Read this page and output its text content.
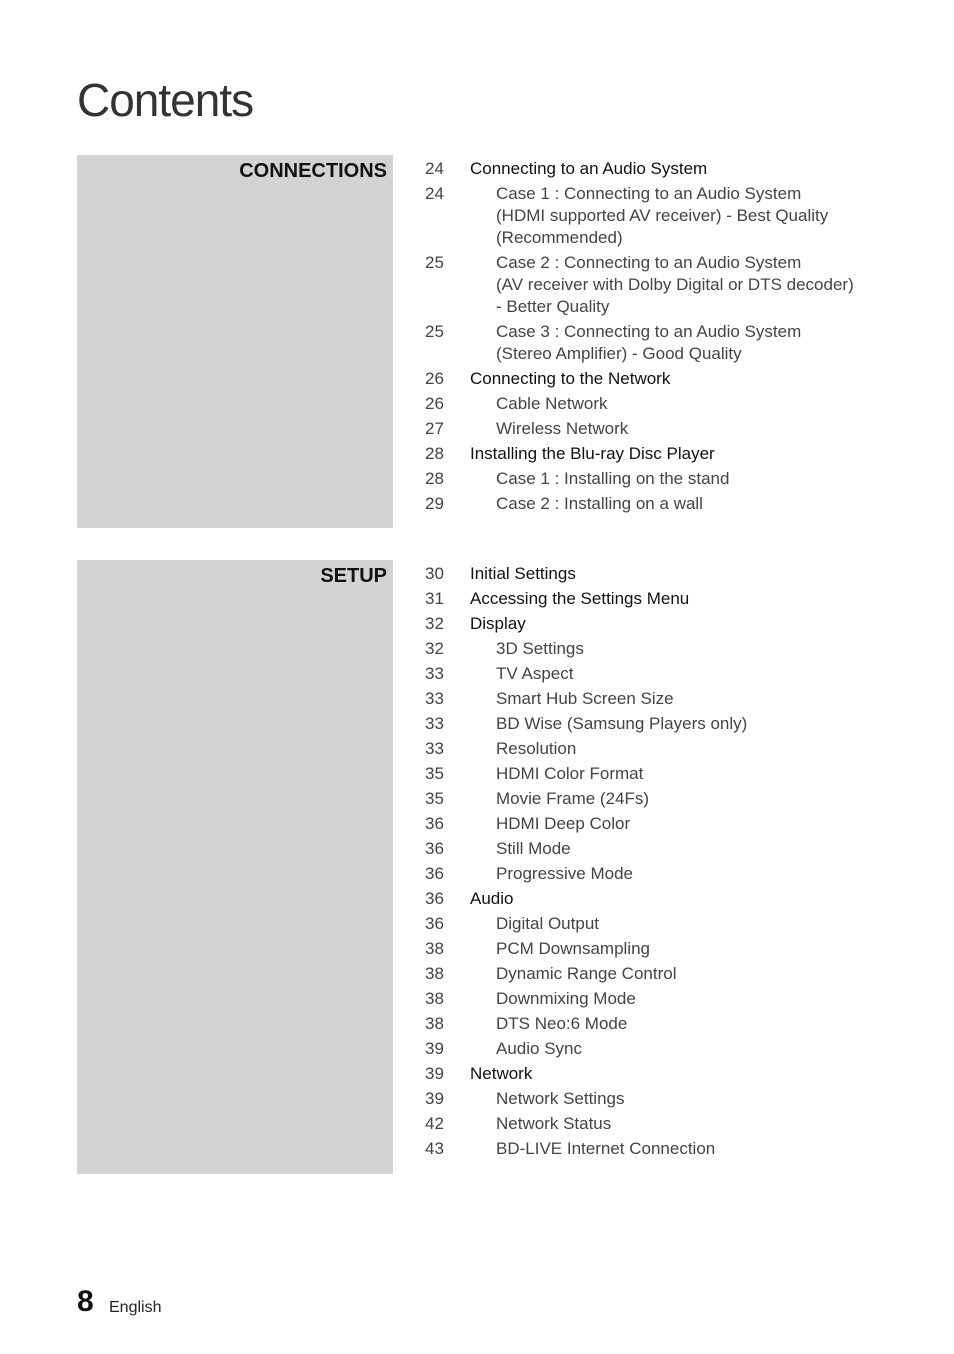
Contents
CONNECTIONS 24	Connecting to an Audio System
24	Case 1 : Connecting to an Audio System
(HDMI supported AV receiver) - Best Quality
(Recommended)
25	Case 2 : Connecting to an Audio System
(AV receiver with Dolby Digital or DTS decoder)
- Better Quality
25	Case 3 : Connecting to an Audio System
(Stereo Amplifier) - Good Quality
26	Connecting to the Network
26	Cable Network
27	Wireless Network
28	Installing the Blu-ray Disc Player
28	Case 1 : Installing on the stand
29	Case 2 : Installing on a wall
SETUP 30	Initial Settings
31	Accessing the Settings Menu
32	Display
32	3D Settings
33	TV Aspect
33	Smart Hub Screen Size
33	BD Wise (Samsung Players only)
33	Resolution
35	HDMI Color Format
35	Movie Frame (24Fs)
36	HDMI Deep Color
36	Still Mode
36	Progressive Mode
36	Audio
36	Digital Output
38	PCM Downsampling
38	Dynamic Range Control
38	Downmixing Mode
38	DTS Neo:6 Mode
39	Audio Sync
39	Network
39	Network Settings
42	Network Status
43	BD-LIVE Internet Connection
8 English
